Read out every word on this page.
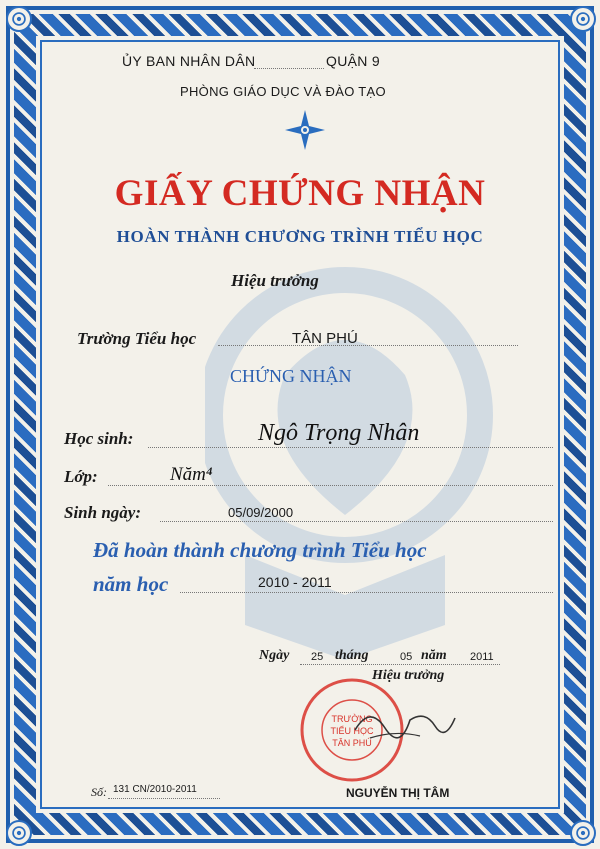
ỦY BAN NHÂN DÂN	QUẬN 9
PHÒNG GIÁO DỤC VÀ ĐÀO TẠO
GIẤY CHỨNG NHẬN
HOÀN THÀNH CHƯƠNG TRÌNH TIỂU HỌC
Hiệu trưởng
Trường Tiểu học	TÂN PHÚ
CHỨNG NHẬN
Học sinh:	Ngô Trọng Nhân
Lớp:	Năm⁴
Sinh ngày:	05/09/2000
Đã hoàn thành chương trình Tiểu học
năm học	2010 - 2011
Ngày 25 tháng	05 năm 2011
Hiệu trưởng
TRƯỜNG
TIỂU HỌC
TÂN PHÚ
NGUYỄN THỊ TÂM
Số: 131 CN/2010-2011
